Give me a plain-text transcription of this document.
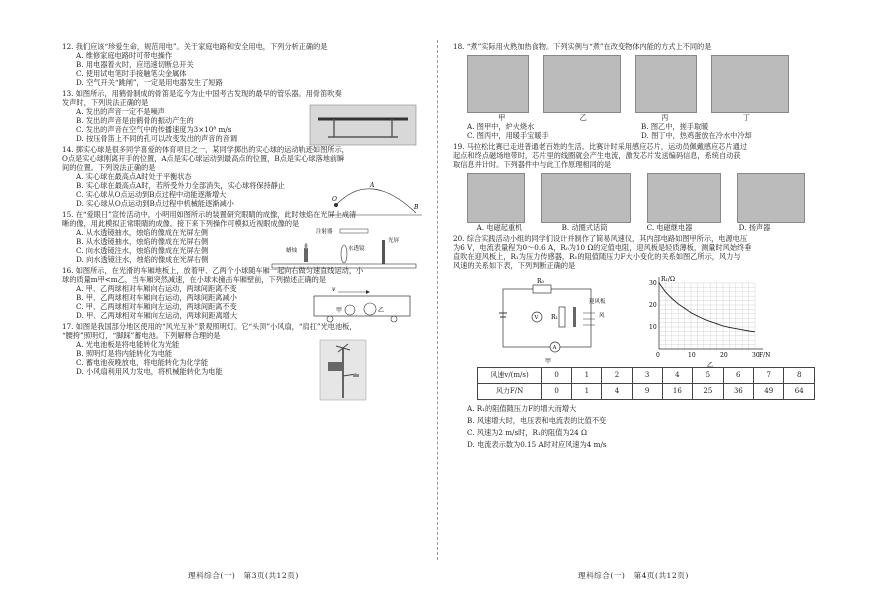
12. 我们应该“珍爱生命，规范用电”。关于家庭电路和安全用电，下列分析正确的是
A. 维修家庭电路时可带电操作
B. 用电器着火时，应迅速切断总开关
C. 使用试电笔时手接触笔尖金属体
D. 空气开关“跳闸”，一定是用电器发生了短路
13. 如图所示，用鹤骨制成的骨笛是迄今为止中国考古发现的最早的管乐器。用骨笛吹奏
发声时，下列说法正确的是
A. 发出的声音一定不是噪声
B. 发出的声音是由鹤骨的振动产生的
C. 发出的声音在空气中的传播速度为3×10⁸ m/s
D. 按压骨笛上不同的孔可以改变发出的声音的音调
14. 掷实心球是很多同学喜爱的体育项目之一，某同学掷出的实心球的运动轨迹如图所示，
O点是实心球刚离开手的位置，A点是实心球运动到最高点的位置，B点是实心球落地前瞬
间的位置。下列说法正确的是
A. 实心球在最高点A时处于平衡状态
B. 实心球在最高点A时，若所受外力全部消失，实心球将保持静止
C. 实心球从O点运动到B点过程中动能逐渐增大
D. 实心球从O点运动到B点过程中机械能逐渐减小	O
A
B
15. 在“爱眼日”宣传活动中，小明用如图所示的装置研究眼睛的成像，此时烛焰在光屏上成清
晰的像，用此模拟正常眼睛的成像。接下来下列操作可模拟近视眼成像的是
A. 从水透镜抽水，烛焰的像成在光屏左侧
B. 从水透镜抽水，烛焰的像成在光屏右侧
C. 向水透镜注水，烛焰的像成在光屏左侧
D. 向水透镜注水，烛焰的像成在光屏右侧
注射器
蜡烛	水透镜
光屏
16. 如图所示，在光滑的车厢地板上，放着甲、乙两个小球随车厢一起向右做匀速直线运动，小
球的质量m甲<m乙，当车厢突然减速，在小球未撞击车厢壁前，下列描述正确的是
A. 甲、乙两球相对车厢向右运动，两球间距离不变
B. 甲、乙两球相对车厢向右运动，两球间距离减小
C. 甲、乙两球相对车厢向左运动，两球间距离不变
D. 甲、乙两球相对车厢向左运动，两球间距离增大
v
甲	乙
17. 如图是我国部分地区使用的“风光互补”景观照明灯。它“头顶”小风扇，“肩扛”光电池板，
“腰挎”照明灯，“脚踩”蓄电池。下列解释合理的是
A. 光电池板是将电能转化为光能
B. 照明灯是将内能转化为电能
C. 蓄电池夜晚放电，将电能转化为化学能
D. 小风扇利用风力发电，将机械能转化为电能
理科综合(一)　第3页(共12页)
18. “煮”实际用火熟加热食物。下列实例与“煮”在改变物体内能的方式上不同的是
甲	乙	丙	丁
A. 图甲中，炉火烧水	B. 图乙中，搓手取暖
C. 图丙中，用暖手宝暖手	D. 图丁中，热鸡蛋放在冷水中冷却
19. 马拉松比赛已走进普通老百姓的生活。比赛计时采用感应芯片，运动员佩戴感应芯片通过
起点和终点磁场地带时，芯片里的线圈就会产生电流，激发芯片发送编码信息，系统自动获
取信息并计时。下列器件中与此工作原理相同的是
A. 电磁起重机	B. 动圈式话筒	C. 电磁继电器	D. 扬声器
20. 综合实践活动小组的同学们设计并制作了简易风速仪，其内部电路如图甲所示，电源电压
为6 V，电流表量程为0～0.6 A，R₀为10 Ω的定值电阻，迎风板是轻质薄板，测量时风始终垂
直吹在迎风板上，R₁为压力传感器，R₁的阻值随压力F大小变化的关系如图乙所示，风力与
风速的关系如下表，下列判断正确的是
R₀
V R₁
迎风板
风
A
甲
0	10	20	30
10
20
30
R₁/Ω
F/N
乙
风速v/(m/s)	0	1	2	3	4	5	6	7	8
风力F/N	0	1	4	9	16	25	36	49	64
A. R₁的阻值随压力F的增大而增大
B. 风速增大时，电压表和电流表的比值不变
C. 风速为2 m/s时，R₁的阻值为24 Ω
D. 电流表示数为0.15 A时对应风速为4 m/s
理科综合(一)　第4页(共12页)
